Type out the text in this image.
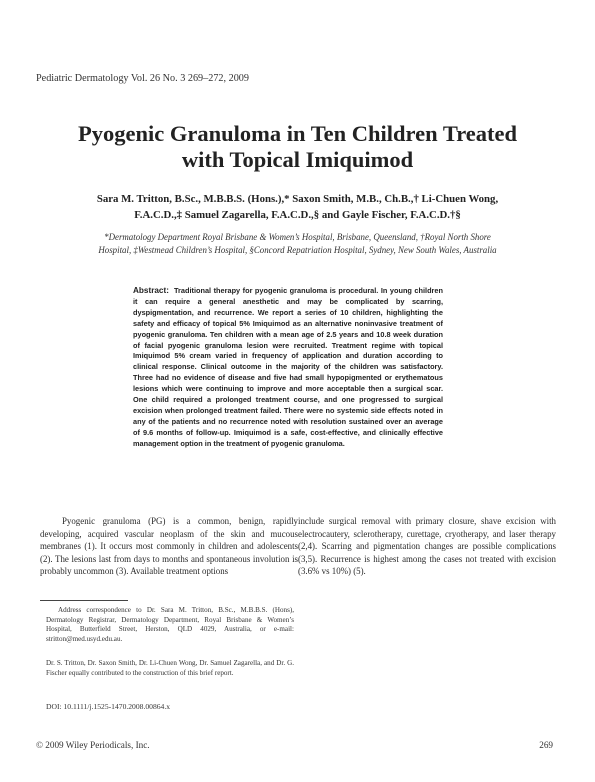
Pediatric Dermatology Vol. 26 No. 3 269–272, 2009
Pyogenic Granuloma in Ten Children Treated
with Topical Imiquimod
Sara M. Tritton, B.Sc., M.B.B.S. (Hons.),* Saxon Smith, M.B., Ch.B.,† Li-Chuen Wong,
F.A.C.D.,‡ Samuel Zagarella, F.A.C.D.,§ and Gayle Fischer, F.A.C.D.†§
*Dermatology Department Royal Brisbane & Women’s Hospital, Brisbane, Queensland, †Royal North Shore
Hospital, ‡Westmead Children’s Hospital, §Concord Repatriation Hospital, Sydney, New South Wales, Australia
Abstract: Traditional therapy for pyogenic granuloma is procedural. In young children it can require a general anesthetic and may be complicated by scarring, dyspigmentation, and recurrence. We report a series of 10 children, highlighting the safety and efficacy of topical 5% Imiquimod as an alternative noninvasive treatment of pyogenic granuloma. Ten children with a mean age of 2.5 years and 10.8 week duration of facial pyogenic granuloma lesion were recruited. Treatment regime with topical Imiquimod 5% cream varied in frequency of application and duration according to clinical response. Clinical outcome in the majority of the children was satisfactory. Three had no evidence of disease and five had small hypopigmented or erythematous lesions which were continuing to improve and more acceptable then a surgical scar. One child required a prolonged treatment course, and one progressed to surgical excision when prolonged treatment failed. There were no systemic side effects noted in any of the patients and no recurrence noted with resolution sustained over an average of 9.6 months of follow-up. Imiquimod is a safe, cost-effective, and clinically effective management option in the treatment of pyogenic granuloma.
Pyogenic granuloma (PG) is a common, benign, rapidly developing, acquired vascular neoplasm of the skin and mucous membranes (1). It occurs most commonly in children and adolescents (2). The lesions last from days to months and spontaneous involution is probably uncommon (3). Available treatment options
include surgical removal with primary closure, shave excision with electrocautery, sclerotherapy, curettage, cryotherapy, and laser therapy (2,4). Scarring and pigmentation changes are possible complications (3,5). Recurrence is highest among the cases not treated with excision (3.6% vs 10%) (5).
Address correspondence to Dr. Sara M. Tritton, B.Sc., M.B.B.S. (Hons), Dermatology Registrar, Dermatology Department, Royal Brisbane & Women’s Hospital, Butterfield Street, Herston, QLD 4029, Australia, or e-mail: stritton@med.usyd.edu.au.
Dr. S. Tritton, Dr. Saxon Smith, Dr. Li-Chuen Wong, Dr. Samuel Zagarella, and Dr. G. Fischer equally contributed to the construction of this brief report.
DOI: 10.1111/j.1525-1470.2008.00864.x
© 2009 Wiley Periodicals, Inc.	269
